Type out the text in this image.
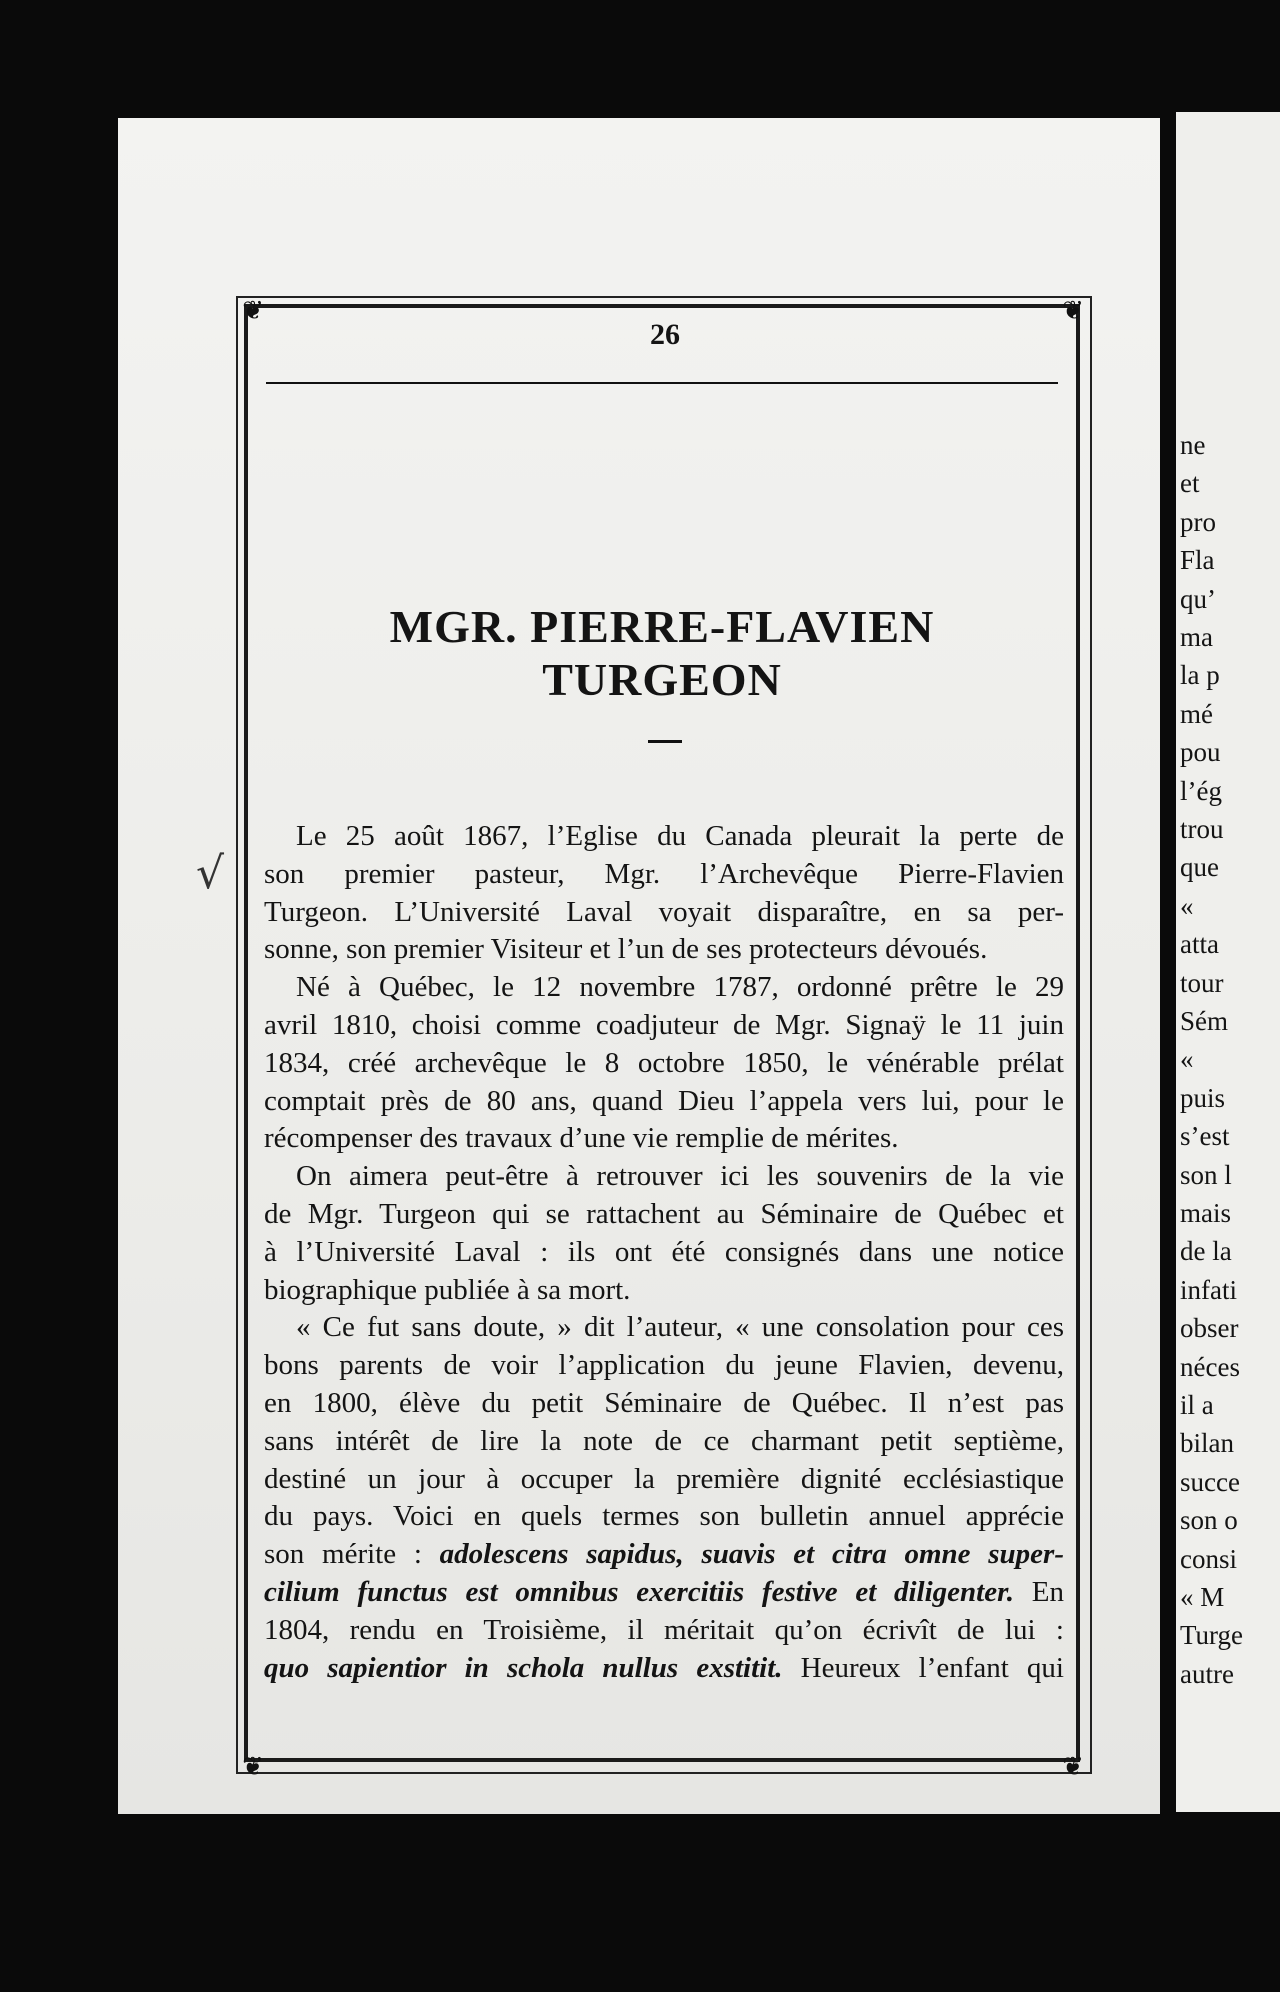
ne
et
pro
Fla
qu’
ma
la p
mé
pou
l’ég
trou
que
«
atta
tour
Sém
«
puis
s’est
son l
mais
de la
infati
obser
néces
il a
bilan
succe
son o
consi
« M
Turge
autre
√
❦	❦
❦	❦
26
MGR. PIERRE-FLAVIEN TURGEON
Le 25 août 1867, l’Eglise du Canada pleurait la perte de
son premier pasteur, Mgr. l’Archevêque Pierre-Flavien
Turgeon. L’Université Laval voyait disparaître, en sa per-
sonne, son premier Visiteur et l’un de ses protecteurs dévoués.
Né à Québec, le 12 novembre 1787, ordonné prêtre le 29
avril 1810, choisi comme coadjuteur de Mgr. Signaÿ le 11 juin
1834, créé archevêque le 8 octobre 1850, le vénérable prélat
comptait près de 80 ans, quand Dieu l’appela vers lui, pour le
récompenser des travaux d’une vie remplie de mérites.
On aimera peut-être à retrouver ici les souvenirs de la vie
de Mgr. Turgeon qui se rattachent au Séminaire de Québec et
à l’Université Laval : ils ont été consignés dans une notice
biographique publiée à sa mort.
« Ce fut sans doute, » dit l’auteur, « une consolation pour ces
bons parents de voir l’application du jeune Flavien, devenu,
en 1800, élève du petit Séminaire de Québec. Il n’est pas
sans intérêt de lire la note de ce charmant petit septième,
destiné un jour à occuper la première dignité ecclésiastique
du pays. Voici en quels termes son bulletin annuel apprécie
son mérite : adolescens sapidus, suavis et citra omne super-
cilium functus est omnibus exercitiis festive et diligenter. En
1804, rendu en Troisième, il méritait qu’on écrivît de lui :
quo sapientior in schola nullus exstitit. Heureux l’enfant qui
